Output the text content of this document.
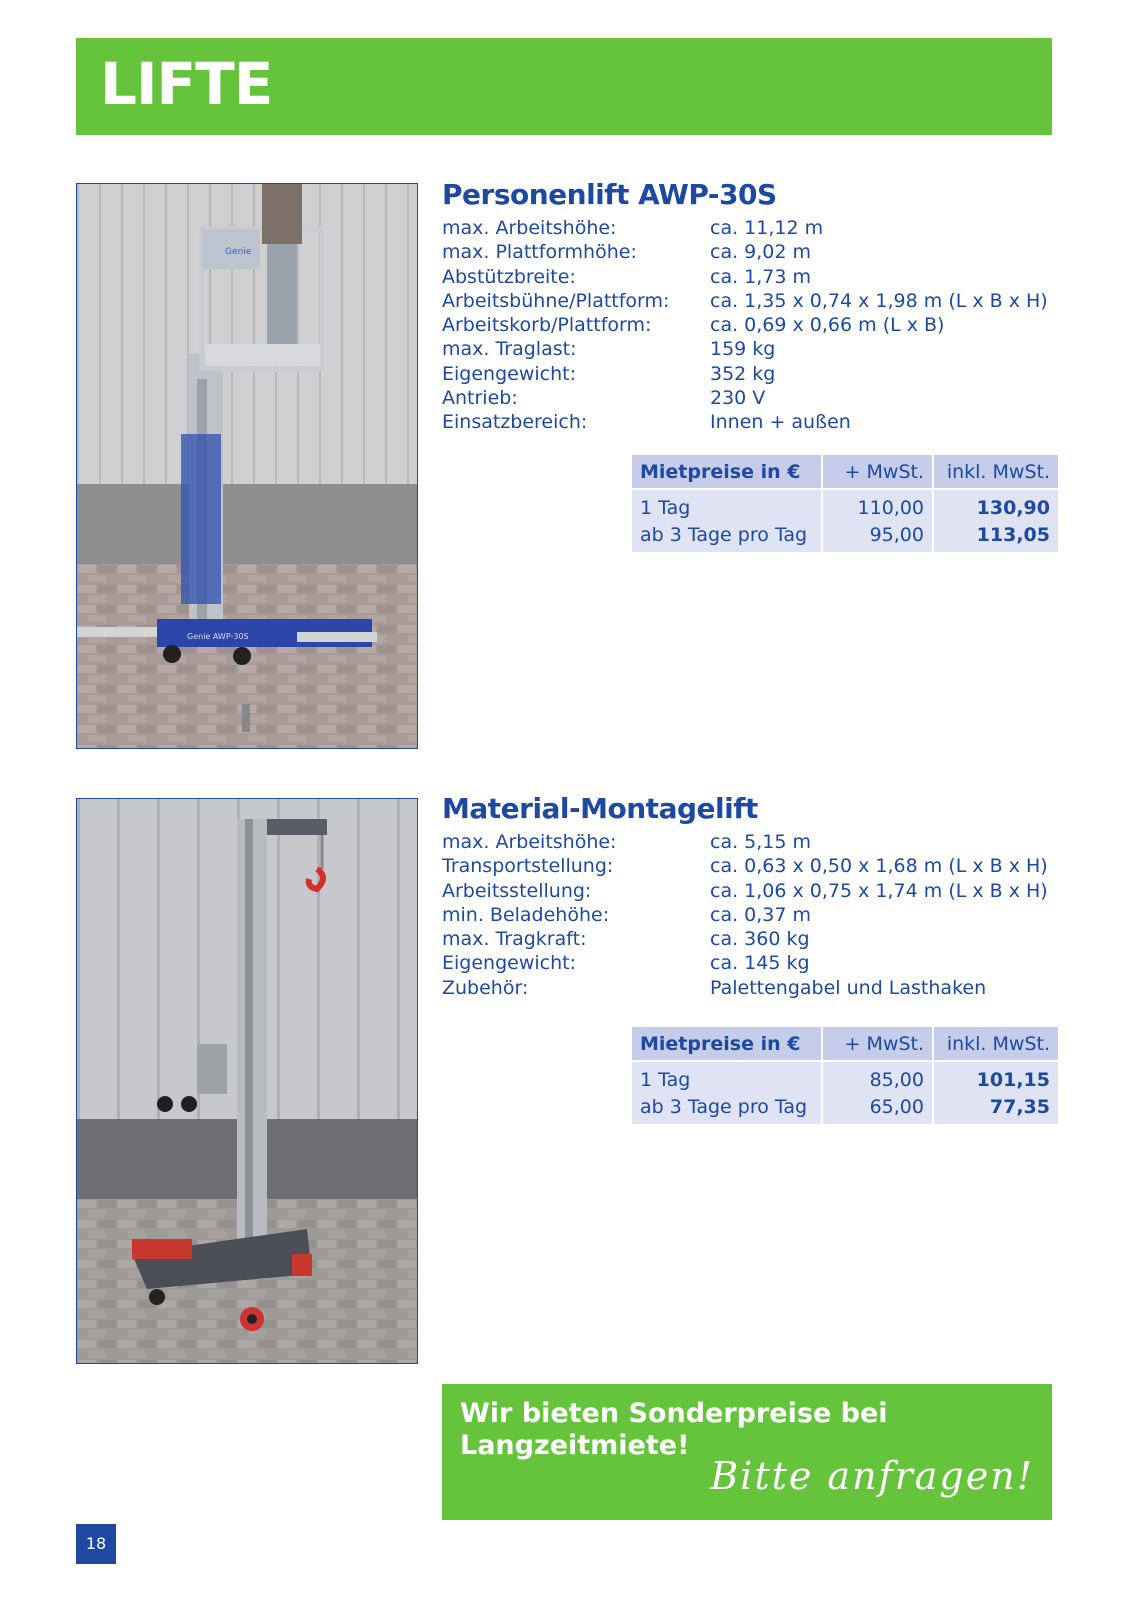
LIFTE
Genie
Genie AWP-30S
Personenlift AWP-30S
max. Arbeitshöhe:	ca. 11,12 m
max. Plattformhöhe:	ca. 9,02 m
Abstützbreite:	ca. 1,73 m
Arbeitsbühne/Plattform:	ca. 1,35 x 0,74 x 1,98 m (L x B x H)
Arbeitskorb/Plattform:	ca. 0,69 x 0,66 m (L x B)
max. Traglast:	159 kg
Eigengewicht:	352 kg
Antrieb:	230 V
Einsatzbereich:	Innen + außen
Mietpreise in €	+ MwSt.	inkl. MwSt.
1 Tag	110,00	130,90
ab 3 Tage pro Tag	95,00	113,05
Material-Montagelift
max. Arbeitshöhe:	ca. 5,15 m
Transportstellung:	ca. 0,63 x 0,50 x 1,68 m (L x B x H)
Arbeitsstellung:	ca. 1,06 x 0,75 x 1,74 m (L x B x H)
min. Beladehöhe:	ca. 0,37 m
max. Tragkraft:	ca. 360 kg
Eigengewicht:	ca. 145 kg
Zubehör:	Palettengabel und Lasthaken
Mietpreise in €	+ MwSt.	inkl. MwSt.
1 Tag	85,00	101,15
ab 3 Tage pro Tag	65,00	77,35
Wir bieten Sonderpreise bei Langzeitmiete!
Bitte anfragen!
18
